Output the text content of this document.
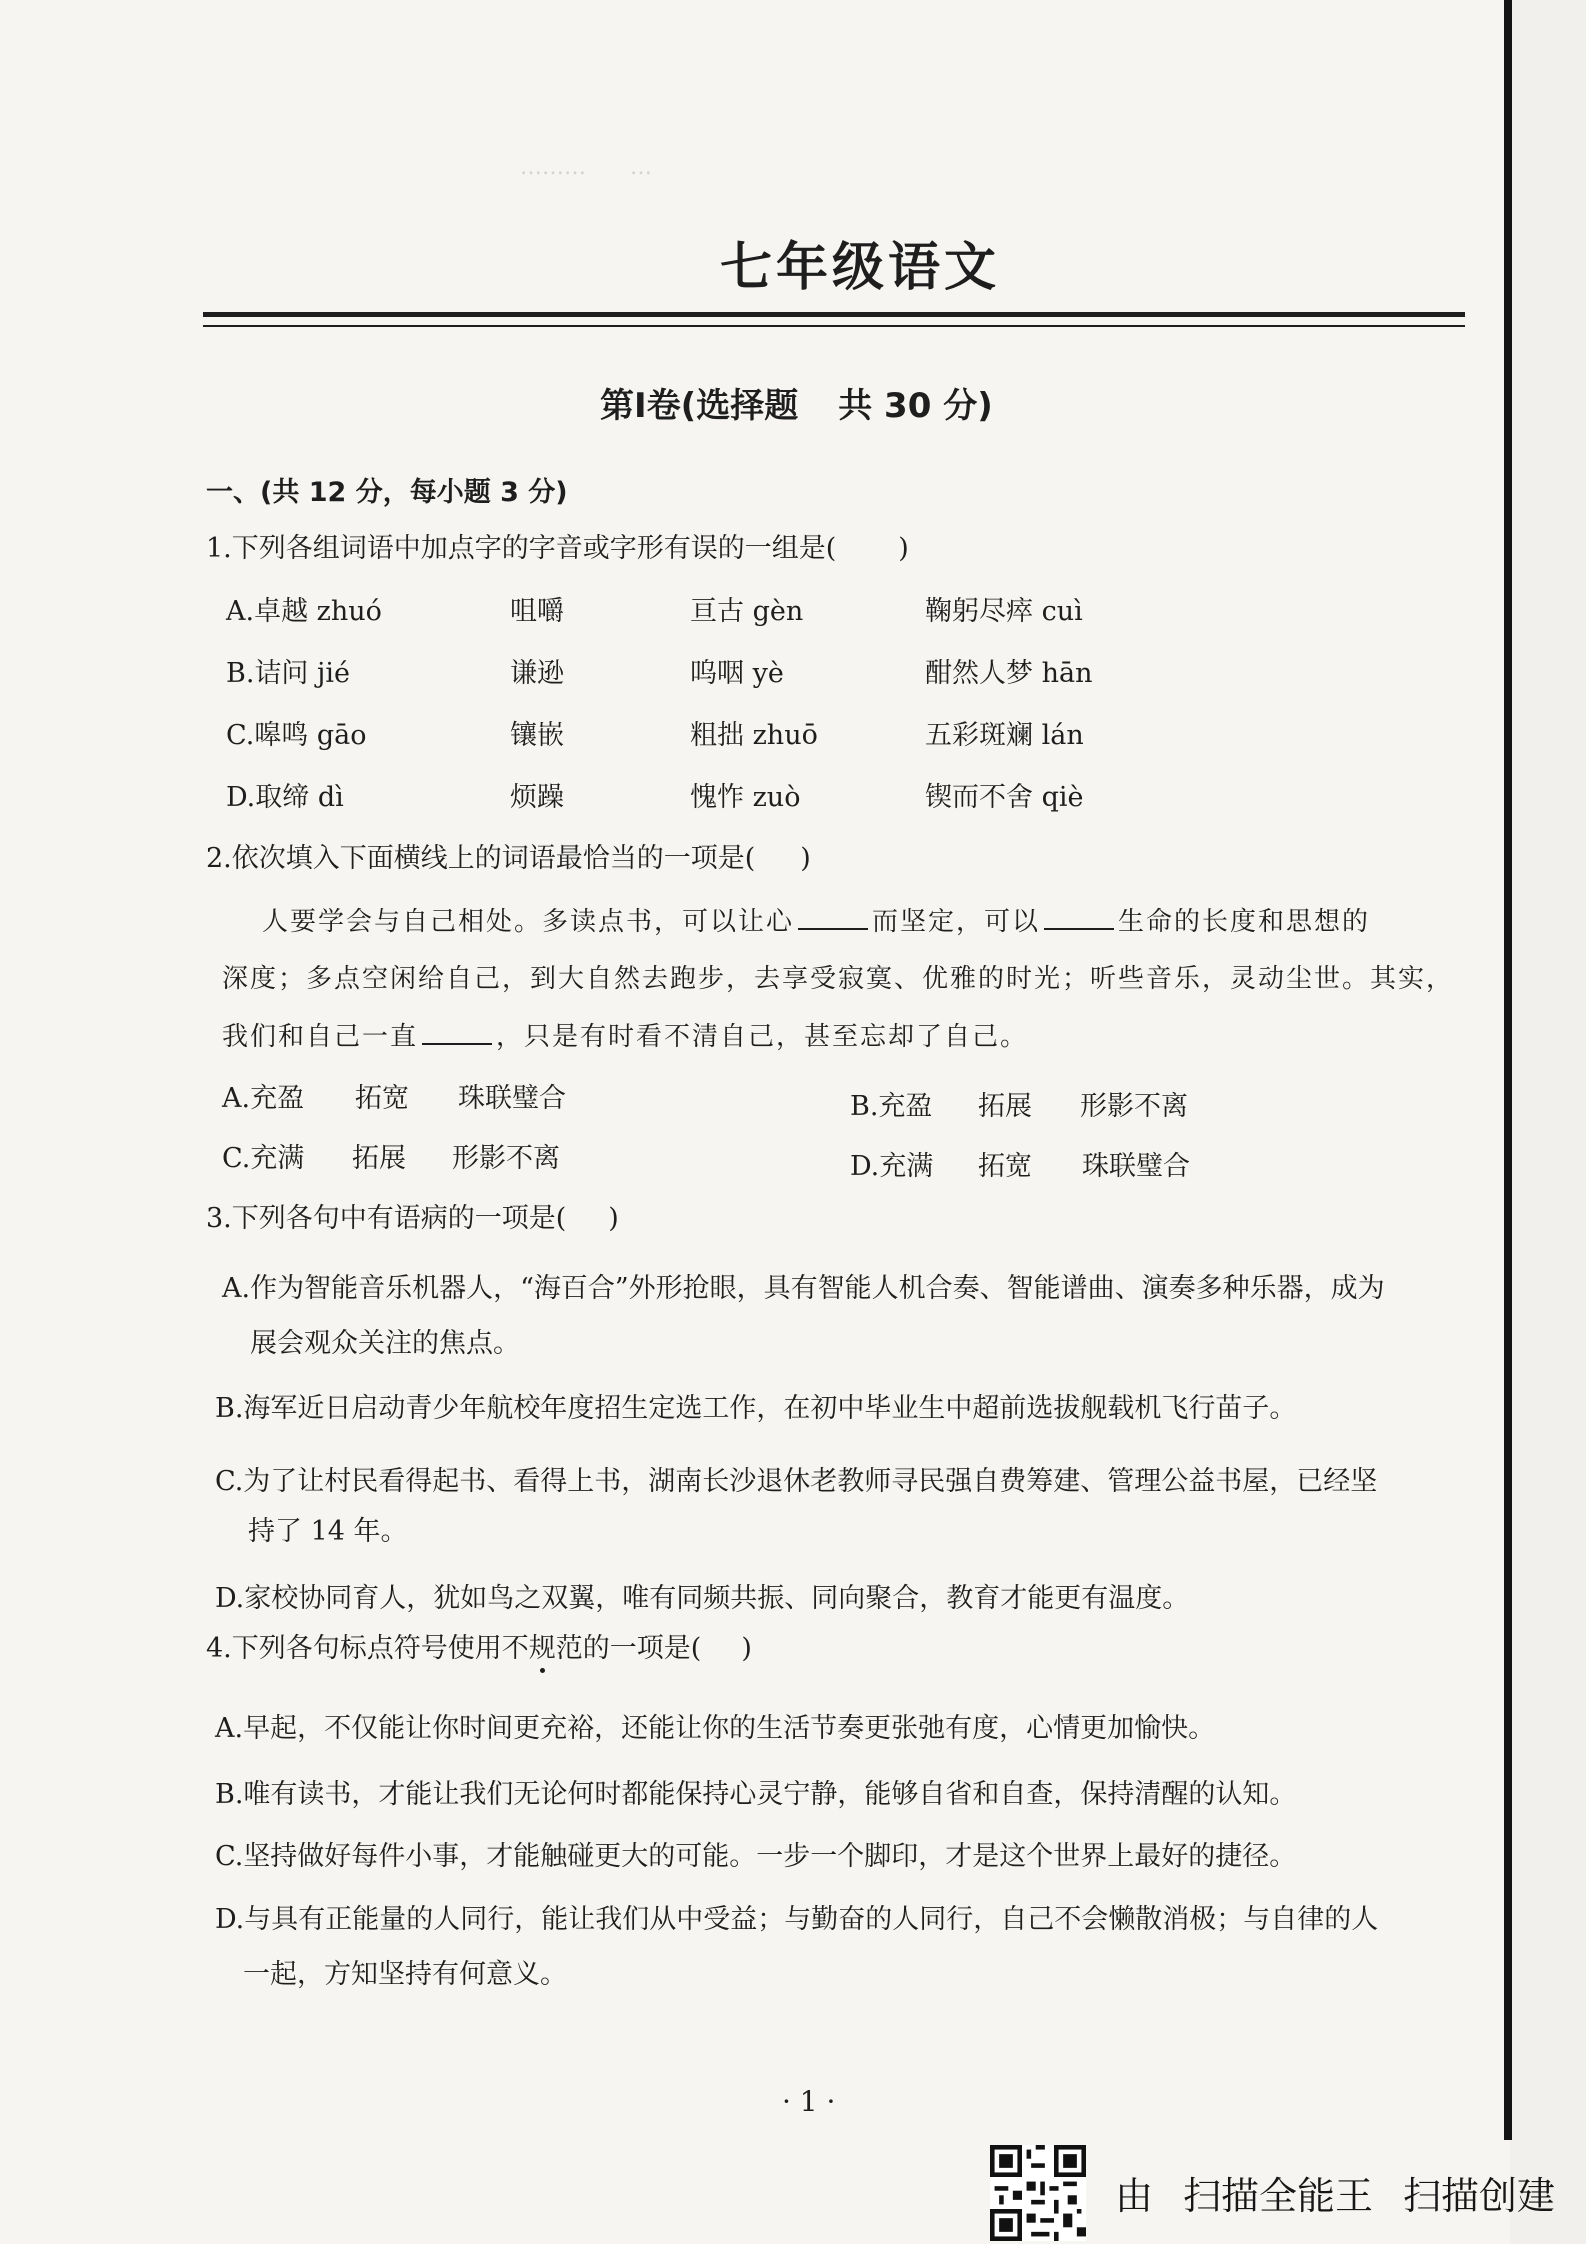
………　　…
七年级语文
第Ⅰ卷(选择题 共 30 分)
一、(共 12 分，每小题 3 分)
1.下列各组词语中加点字的字音或字形有误的一组是( )
A.卓越 zhuó	咀嚼	亘古 gèn	鞠躬尽瘁 cuì
B.诘问 jié	谦逊	呜咽 yè	酣然人梦 hān
C.嗥鸣 gāo	镶嵌	粗拙 zhuō	五彩斑斓 lán
D.取缔 dì	烦躁	愧怍 zuò	锲而不舍 qiè
2.依次填入下面横线上的词语最恰当的一项是( )
人要学会与自己相处。多读点书，可以让心	而坚定，可以	生命的长度和思想的
深度；多点空闲给自己，到大自然去跑步，去享受寂寞、优雅的时光；听些音乐，灵动尘世。其实，
我们和自己一直	，只是有时看不清自己，甚至忘却了自己。
A.充盈 拓宽 珠联璧合	B.充盈 拓展 形影不离
C.充满 拓展 形影不离	D.充满 拓宽 珠联璧合
3.下列各句中有语病的一项是( )
A.作为智能音乐机器人，“海百合”外形抢眼，具有智能人机合奏、智能谱曲、演奏多种乐器，成为
展会观众关注的焦点。
B.海军近日启动青少年航校年度招生定选工作，在初中毕业生中超前选拔舰载机飞行苗子。
C.为了让村民看得起书、看得上书，湖南长沙退休老教师寻民强自费筹建、管理公益书屋，已经坚
持了 14 年。
D.家校协同育人，犹如鸟之双翼，唯有同频共振、同向聚合，教育才能更有温度。
4.下列各句标点符号使用不规范的一项是( )
A.早起，不仅能让你时间更充裕，还能让你的生活节奏更张弛有度，心情更加愉快。
B.唯有读书，才能让我们无论何时都能保持心灵宁静，能够自省和自查，保持清醒的认知。
C.坚持做好每件小事，才能触碰更大的可能。一步一个脚印，才是这个世界上最好的捷径。
D.与具有正能量的人同行，能让我们从中受益；与勤奋的人同行，自己不会懒散消极；与自律的人
一起，方知坚持有何意义。
· 1 ·
由 扫描全能王 扫描创建
